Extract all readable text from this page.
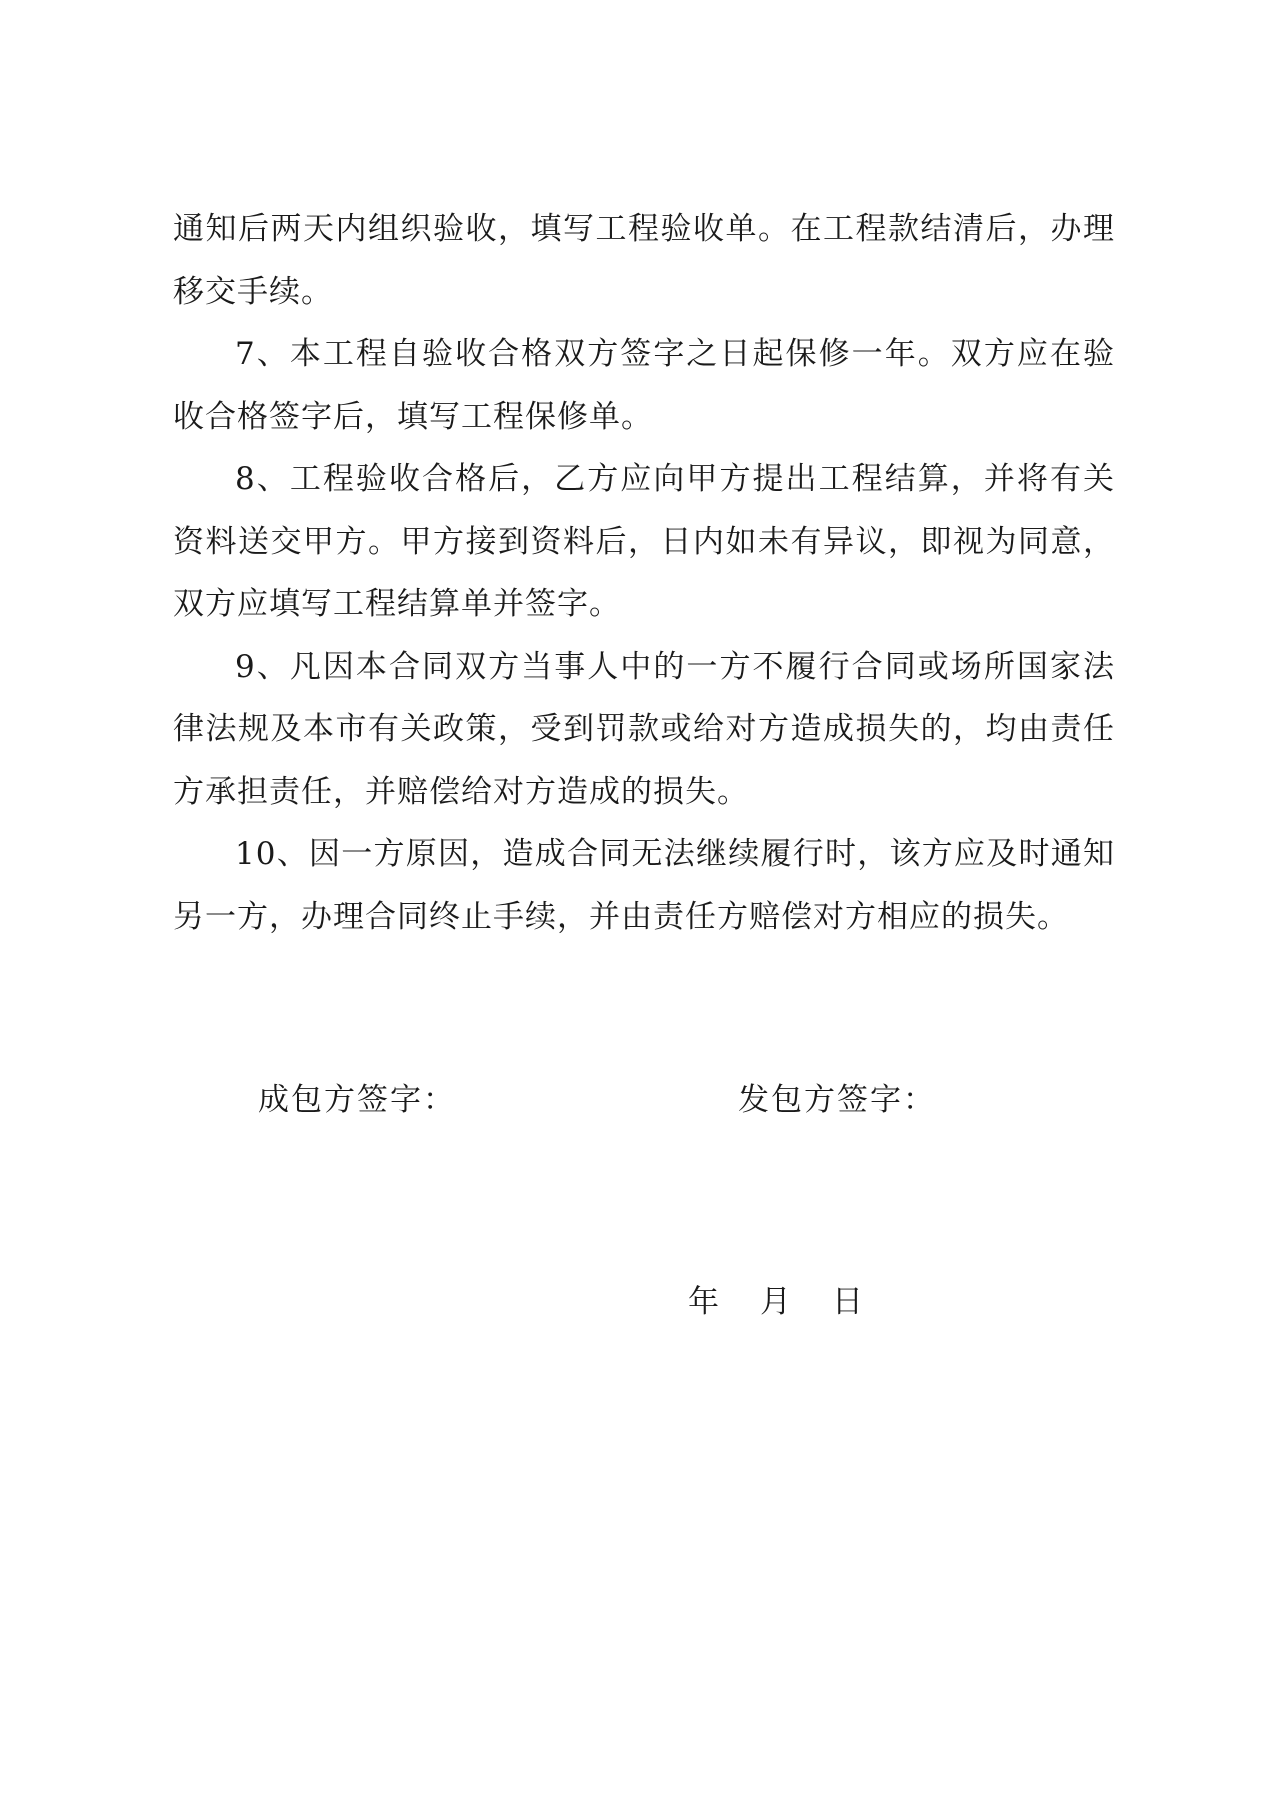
通知后两天内组织验收，填写工程验收单。在工程款结清后，办理移交手续。

7、本工程自验收合格双方签字之日起保修一年。双方应在验收合格签字后，填写工程保修单。

8、工程验收合格后，乙方应向甲方提出工程结算，并将有关资料送交甲方。甲方接到资料后，日内如未有异议，即视为同意，双方应填写工程结算单并签字。

9、凡因本合同双方当事人中的一方不履行合同或场所国家法律法规及本市有关政策，受到罚款或给对方造成损失的，均由责任方承担责任，并赔偿给对方造成的损失。

10、因一方原因，造成合同无法继续履行时，该方应及时通知另一方，办理合同终止手续，并由责任方赔偿对方相应的损失。

成包方签字：	发包方签字：
年 月 日
